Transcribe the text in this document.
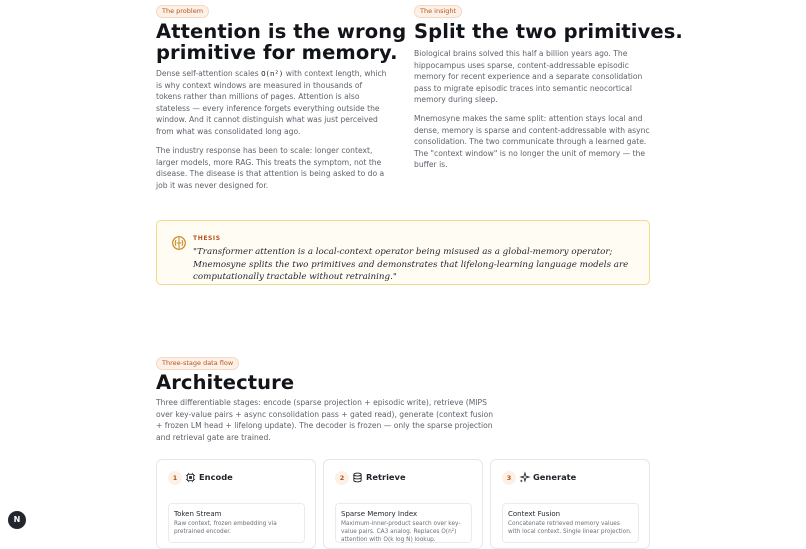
The problem
Attention is the wrong
primitive for memory.
Dense self-attention scales O(n²) with context length, which is why context windows are measured in thousands of tokens rather than millions of pages. Attention is also stateless — every inference forgets everything outside the window. And it cannot distinguish what was just perceived from what was consolidated long ago.
The industry response has been to scale: longer context, larger models, more RAG. This treats the symptom, not the disease. The disease is that attention is being asked to do a job it was never designed for.
The insight
Split the two primitives.
Biological brains solved this half a billion years ago. The hippocampus uses sparse, content-addressable episodic memory for recent experience and a separate consolidation pass to migrate episodic traces into semantic neocortical memory during sleep.
Mnemosyne makes the same split: attention stays local and dense, memory is sparse and content-addressable with async consolidation. The two communicate through a learned gate. The "context window" is no longer the unit of memory — the buffer is.
THESIS
"Transformer attention is a local-context operator being misused as a global-memory operator; Mnemosyne splits the two primitives and demonstrates that lifelong-learning language models are computationally tractable without retraining."
Three-stage data flow
Architecture
Three differentiable stages: encode (sparse projection + episodic write), retrieve (MIPS over key-value pairs + async consolidation pass + gated read), generate (context fusion + frozen LM head + lifelong update). The decoder is frozen — only the sparse projection and retrieval gate are trained.
1	Encode
Token Stream
Raw context, frozen embedding via pretrained encoder.
2	Retrieve
Sparse Memory Index
Maximum-inner-product search over key-value pairs. CA3 analog. Replaces O(n²) attention with O(k log N) lookup.
3	Generate
Context Fusion
Concatenate retrieved memory values with local context. Single linear projection.
N
